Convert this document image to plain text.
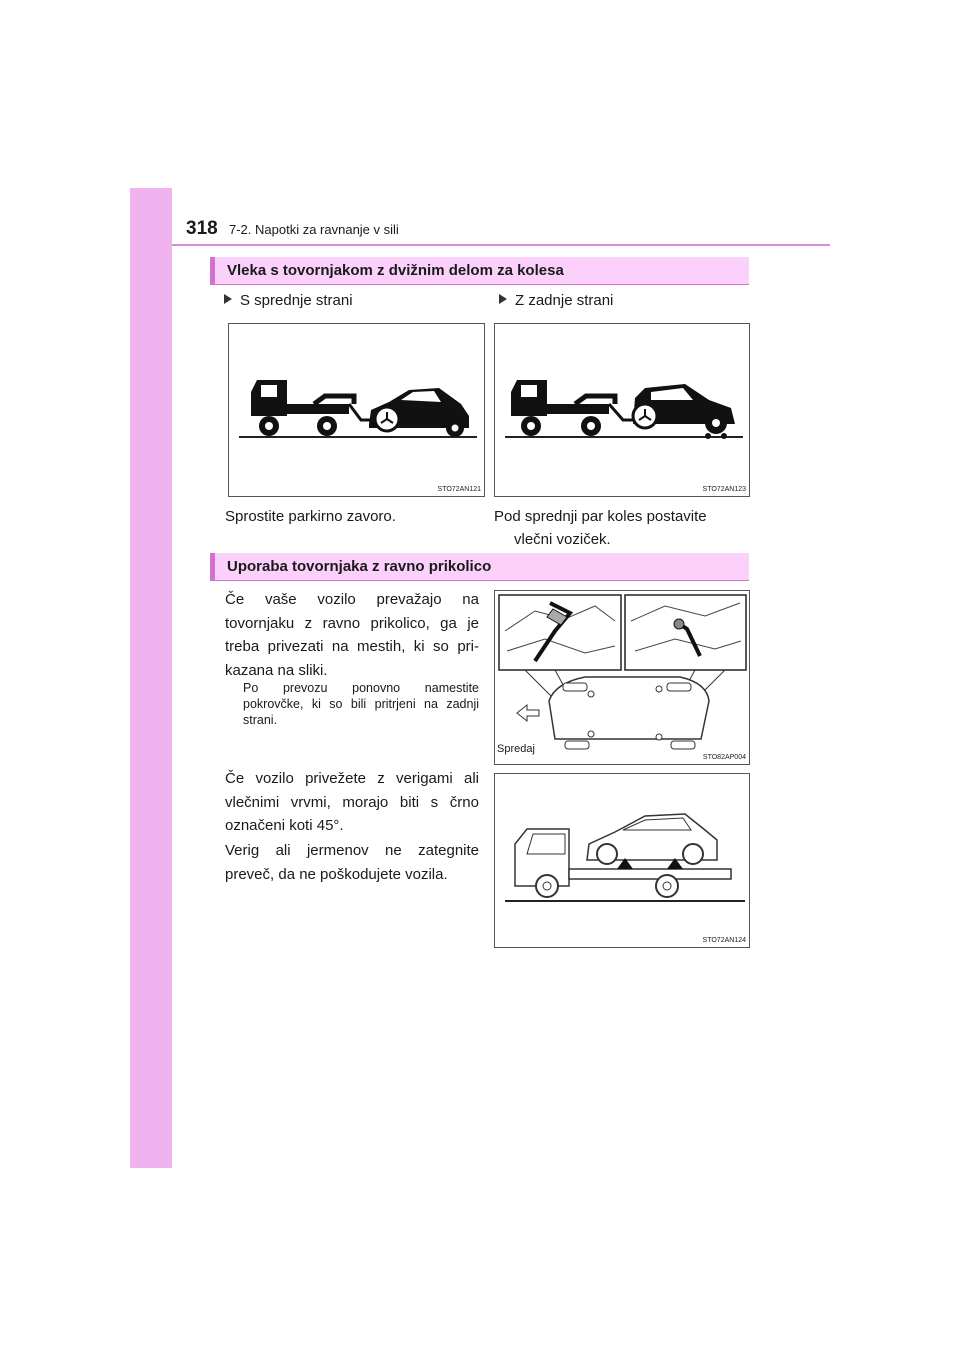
318 7-2. Napotki za ravnanje v sili
Vleka s tovornjakom z dvižnim delom za kolesa
S sprednje strani	Z zadnje strani
STO72AN121	STO72AN123
Sprostite parkirno zavoro.	Pod sprednji par koles postavite
vlečni voziček.
Uporaba tovornjaka z ravno prikolico
Če vaše vozilo prevažajo na tovornjaku z ravno prikolico, ga je treba privezati na mestih, ki so pri-kazana na sliki.
Po prevozu ponovno namestite pokrovčke, ki so bili pritrjeni na zadnji strani.
Če vozilo privežete z verigami ali vlečnimi vrvmi, morajo biti s črno označeni koti 45°.
Verig ali jermenov ne zategnite preveč, da ne poškodujete vozila.
Spredaj
STO82AP004
STO72AN124
